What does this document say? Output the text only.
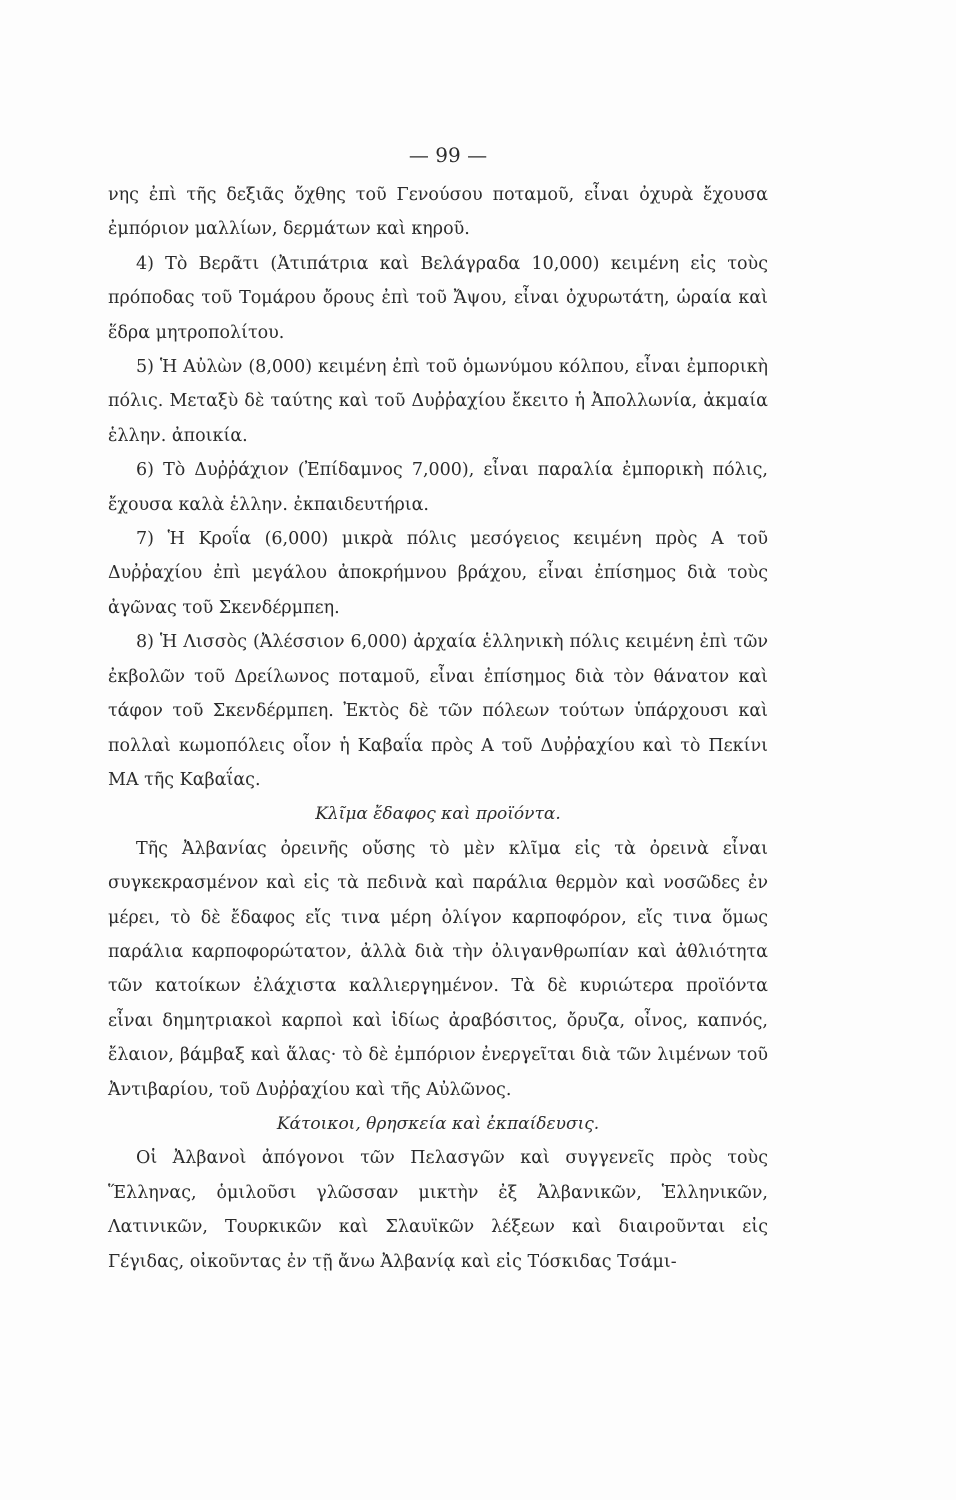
— 99 —

νης ἐπὶ τῆς δεξιᾶς ὄχθης τοῦ Γενούσου ποταμοῦ, εἶναι ὀχυρὰ ἔχουσα ἐμπόριον μαλλίων, δερμάτων καὶ κηροῦ.

4) Τὸ Βερᾶτι (Ἀτιπάτρια καὶ Βελάγραδα 10,000) κειμένη εἰς τοὺς πρόποδας τοῦ Τομάρου ὄρους ἐπὶ τοῦ Ἄψου, εἶναι ὀχυρωτάτη, ὡραία καὶ ἕδρα μητροπολίτου.

5) Ἡ Αὐλὼν (8,000) κειμένη ἐπὶ τοῦ ὁμωνύμου κόλπου, εἶναι ἐμπορικὴ πόλις. Μεταξὺ δὲ ταύτης καὶ τοῦ Δυῤῥαχίου ἔκειτο ἡ Ἀπολλωνία, ἀκμαία ἑλλην. ἀποικία.

6) Τὸ Δυῤῥάχιον (Ἐπίδαμνος 7,000), εἶναι παραλία ἐμπορικὴ πόλις, ἔχουσα καλὰ ἑλλην. ἐκπαιδευτήρια.

7) Ἡ Κροΐα (6,000) μικρὰ πόλις μεσόγειος κειμένη πρὸς Α τοῦ Δυῤῥαχίου ἐπὶ μεγάλου ἀποκρήμνου βράχου, εἶναι ἐπίσημος διὰ τοὺς ἀγῶνας τοῦ Σκενδέρμπεη.

8) Ἡ Λισσὸς (Ἀλέσσιον 6,000) ἀρχαία ἑλληνικὴ πόλις κειμένη ἐπὶ τῶν ἐκβολῶν τοῦ Δρείλωνος ποταμοῦ, εἶναι ἐπίσημος διὰ τὸν θάνατον καὶ τάφον τοῦ Σκενδέρμπεη. Ἐκτὸς δὲ τῶν πόλεων τούτων ὑπάρχουσι καὶ πολλαὶ κωμοπόλεις οἷον ἡ Καβαΐα πρὸς Α τοῦ Δυῤῥαχίου καὶ τὸ Πεκίνι ΜΑ τῆς Καβαΐας.

Κλῖμα ἔδαφος καὶ προϊόντα.

Τῆς Ἀλβανίας ὀρεινῆς οὔσης τὸ μὲν κλῖμα εἰς τὰ ὀρεινὰ εἶναι συγκεκρασμένον καὶ εἰς τὰ πεδινὰ καὶ παράλια θερμὸν καὶ νοσῶδες ἐν μέρει, τὸ δὲ ἔδαφος εἴς τινα μέρη ὀλίγον καρποφόρον, εἴς τινα ὅμως παράλια καρποφορώτατον, ἀλλὰ διὰ τὴν ὀλιγανθρωπίαν καὶ ἀθλιότητα τῶν κατοίκων ἐλάχιστα καλλιεργημένον. Τὰ δὲ κυριώτερα προϊόντα εἶναι δημητριακοὶ καρποὶ καὶ ἰδίως ἀραβόσιτος, ὄρυζα, οἶνος, καπνός, ἔλαιον, βάμβαξ καὶ ἅλας· τὸ δὲ ἐμπόριον ἐνεργεῖται διὰ τῶν λιμένων τοῦ Ἀντιβαρίου, τοῦ Δυῤῥαχίου καὶ τῆς Αὐλῶνος.

Κάτοικοι, θρησκεία καὶ ἐκπαίδευσις.

Οἱ Ἀλβανοὶ ἀπόγονοι τῶν Πελασγῶν καὶ συγγενεῖς πρὸς τοὺς Ἕλληνας, ὁμιλοῦσι γλῶσσαν μικτὴν ἐξ Ἀλβανικῶν, Ἑλληνικῶν, Λατινικῶν, Τουρκικῶν καὶ Σλαυϊκῶν λέξεων καὶ διαιροῦνται εἰς Γέγιδας, οἰκοῦντας ἐν τῇ ἄνω Ἀλβανίᾳ καὶ εἰς Τόσκιδας Τσάμι-
